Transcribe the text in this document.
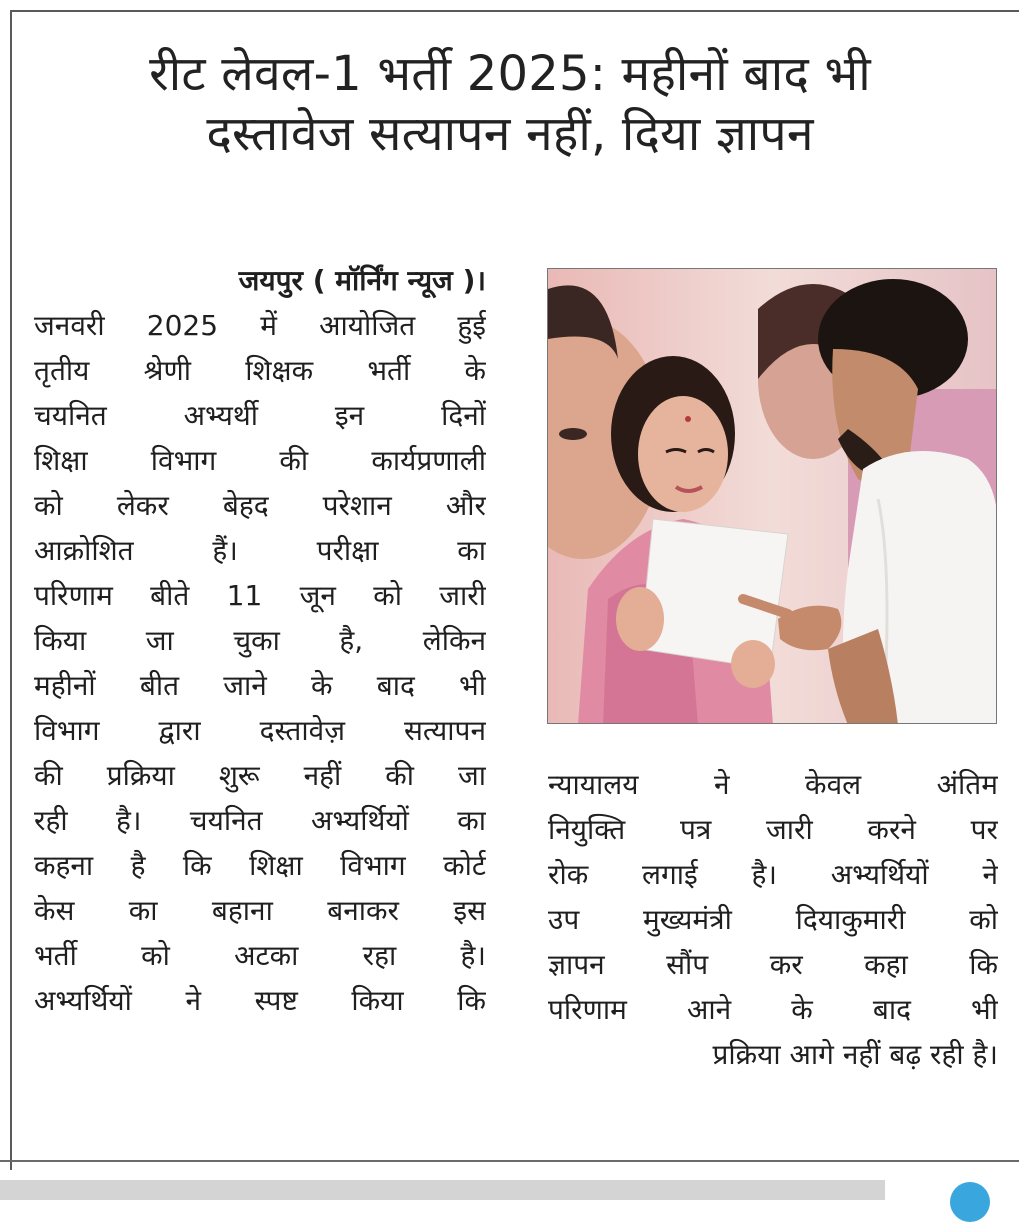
रीट लेवल-1 भर्ती 2025: महीनों बाद भी
दस्तावेज सत्यापन नहीं, दिया ज्ञापन
जयपुर ( मॉर्निंग न्यूज )।
जनवरी 2025 में आयोजित हुई
तृतीय श्रेणी शिक्षक भर्ती के
चयनित अभ्यर्थी इन दिनों
शिक्षा विभाग की कार्यप्रणाली
को लेकर बेहद परेशान और
आक्रोशित हैं। परीक्षा का
परिणाम बीते 11 जून को जारी
किया जा चुका है, लेकिन
महीनों बीत जाने के बाद भी
विभाग द्वारा दस्तावेज़ सत्यापन
की प्रक्रिया शुरू नहीं की जा
रही है। चयनित अभ्यर्थियों का
कहना है कि शिक्षा विभाग कोर्ट
केस का बहाना बनाकर इस
भर्ती को अटका रहा है।
अभ्यर्थियों ने स्पष्ट किया कि
न्यायालय ने केवल अंतिम
नियुक्ति पत्र जारी करने पर
रोक लगाई है। अभ्यर्थियों ने
उप मुख्यमंत्री दियाकुमारी को
ज्ञापन सौंप कर कहा कि
परिणाम आने के बाद भी
प्रक्रिया आगे नहीं बढ़ रही है।
